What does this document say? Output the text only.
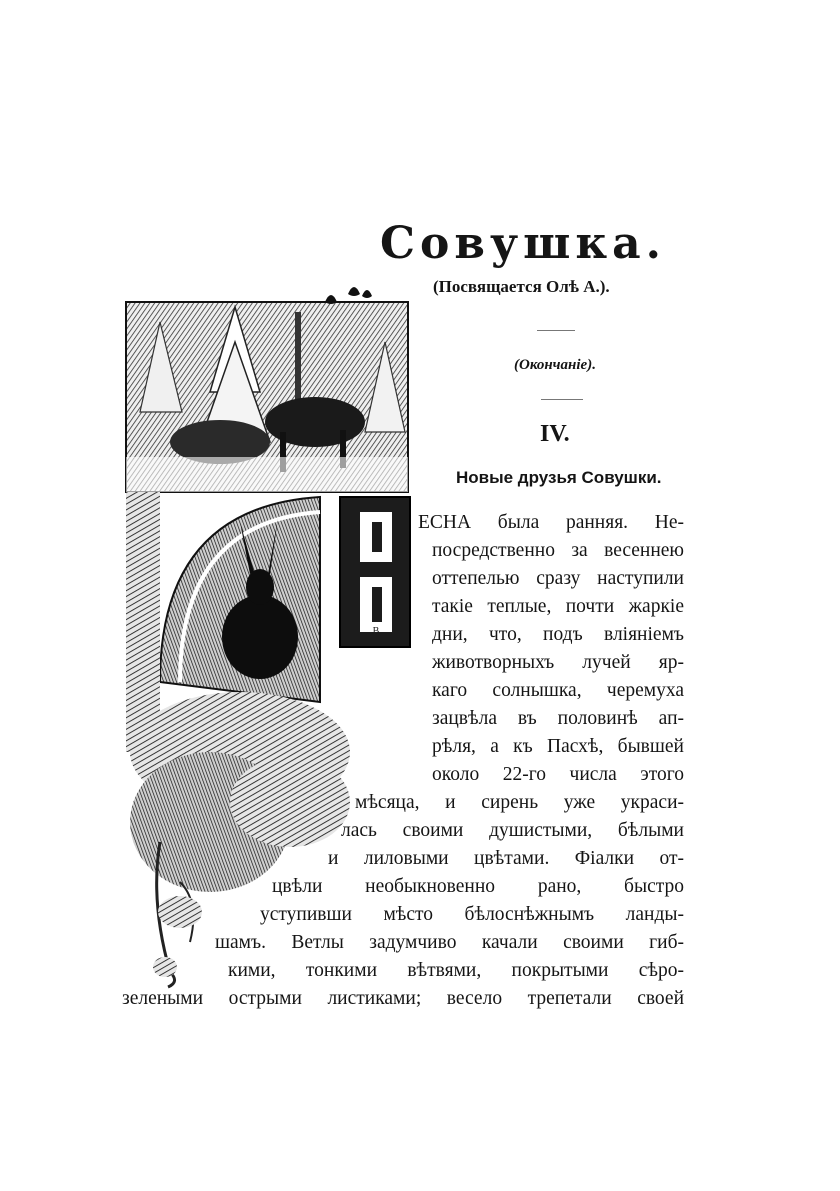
Совушка.
(Посвящается Олѣ А.).
(Окончаніе).
IV.
Новые друзья Совушки.
В
ЕСНА была ранняя. Не-
посредственно за весеннею
оттепелью сразу наступили
такіе теплые, почти жаркіе
дни, что, подъ вліяніемъ
животворныхъ лучей яр-
каго солнышка, черемуха
зацвѣла въ половинѣ ап-
рѣля, а къ Пасхѣ, бывшей
около 22-го числа этого
мѣсяца, и сирень уже украси-
лась своими душистыми, бѣлыми
и лиловыми цвѣтами. Фіалки от-
цвѣли необыкновенно рано, быстро
уступивши мѣсто бѣлоснѣжнымъ ланды-
шамъ. Ветлы задумчиво качали своими гиб-
кими, тонкими вѣтвями, покрытыми сѣро-
зелеными острыми листиками; весело трепетали своей
